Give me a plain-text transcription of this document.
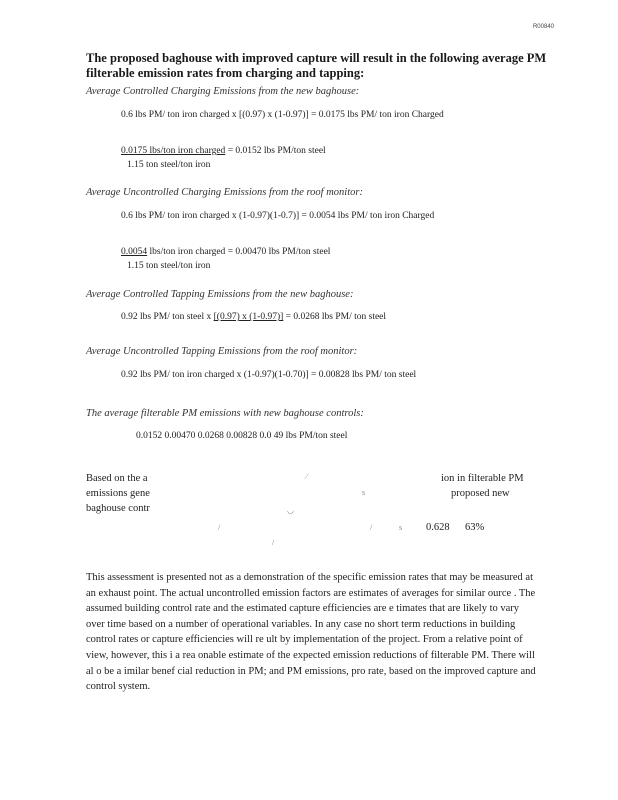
R00840
The proposed baghouse with improved capture will result in the following average PM filterable emission rates from charging and tapping:
Average Controlled Charging Emissions from the new baghouse:
0.6 lbs PM/ ton iron charged x [(0.97) x (1-0.97)] = 0.0175 lbs PM/ ton iron Charged
0.0175 lbs/ton iron charged = 0.0152 lbs PM/ton steel
1.15 ton steel/ton iron
Average Uncontrolled Charging Emissions from the roof monitor:
0.6 lbs PM/ ton iron charged x (1-0.97)(1-0.7)] = 0.0054 lbs PM/ ton iron Charged
0.0054 lbs/ton iron charged = 0.00470 lbs PM/ton steel
1.15 ton steel/ton iron
Average Controlled Tapping Emissions from the new baghouse:
0.92 lbs PM/ ton steel x [(0.97) x (1-0.97)] = 0.0268 lbs PM/ ton steel
Average Uncontrolled Tapping Emissions from the roof monitor:
0.92 lbs PM/ ton iron charged x (1-0.97)(1-0.70)] = 0.00828 lbs PM/ ton steel
The average filterable PM emissions with new baghouse controls:
0.0152 0.00470 0.0268 0.00828 0.0 49 lbs PM/ton steel
Based on the a	⁄	ion in filterable PM
emissions gene	s	proposed new
baghouse contr	◡
/	/	s 0.628 63%
/
This assessment is presented not as a demonstration of the specific emission rates that may be measured at an exhaust point. The actual uncontrolled emission factors are estimates of averages for similar ource . The assumed building control rate and the estimated capture efficiencies are e timates that are likely to vary over time based on a number of operational variables. In any case no short term reductions in building control rates or capture efficiencies will re ult by implementation of the project. From a relative point of view, however, this i a rea onable estimate of the expected emission reductions of filterable PM. There will al o be a imilar benef cial reduction in PM; and PM emissions, pro rate, based on the improved capture and control system.
